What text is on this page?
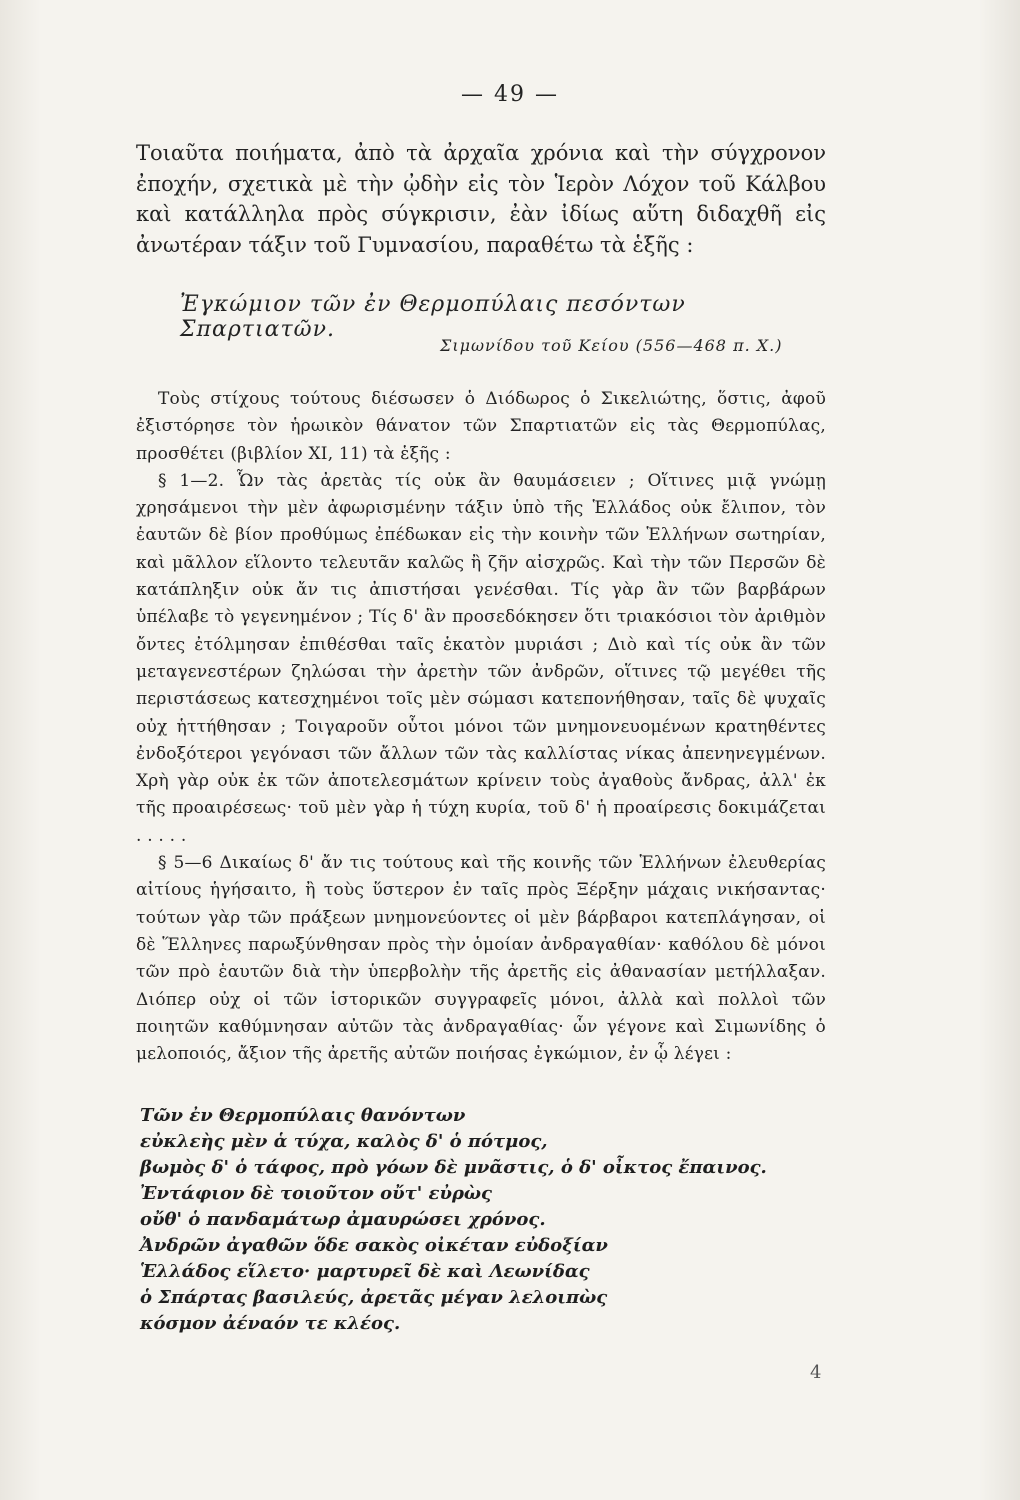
— 49 —

Τοιαῦτα ποιήματα, ἀπὸ τὰ ἀρχαῖα χρόνια καὶ τὴν σύγχρονον ἐποχήν, σχετικὰ μὲ τὴν ᾠδὴν εἰς τὸν Ἱερὸν Λόχον τοῦ Κάλβου καὶ κατάλληλα πρὸς σύγκρισιν, ἐὰν ἰδίως αὕτη διδαχθῆ εἰς ἀνωτέραν τάξιν τοῦ Γυμνασίου, παραθέτω τὰ ἑξῆς :

Ἐγκώμιον τῶν ἐν Θερμοπύλαις πεσόντων Σπαρτιατῶν.
Σιμωνίδου τοῦ Κείου (556—468 π. Χ.)

Τοὺς στίχους τούτους διέσωσεν ὁ Διόδωρος ὁ Σικελιώτης, ὅστις, ἀφοῦ ἐξιστόρησε τὸν ἡρωικὸν θάνατον τῶν Σπαρτιατῶν εἰς τὰς Θερμοπύλας, προσθέτει (βιβλίον XI, 11) τὰ ἑξῆς :

§ 1—2. Ὧν τὰς ἀρετὰς τίς οὐκ ἂν θαυμάσειεν ; Οἵτινες μιᾷ γνώμῃ χρησάμενοι τὴν μὲν ἀφωρισμένην τάξιν ὑπὸ τῆς Ἑλλάδος οὐκ ἔλιπον, τὸν ἑαυτῶν δὲ βίον προθύμως ἐπέδωκαν εἰς τὴν κοινὴν τῶν Ἑλλήνων σωτηρίαν, καὶ μᾶλλον εἵλοντο τελευτᾶν καλῶς ἢ ζῆν αἰσχρῶς. Καὶ τὴν τῶν Περσῶν δὲ κατάπληξιν οὐκ ἄν τις ἀπιστήσαι γενέσθαι. Τίς γὰρ ἂν τῶν βαρβάρων ὑπέλαβε τὸ γεγενημένον ; Τίς δ' ἂν προσεδόκησεν ὅτι τριακόσιοι τὸν ἀριθμὸν ὄντες ἐτόλμησαν ἐπιθέσθαι ταῖς ἑκατὸν μυριάσι ; Διὸ καὶ τίς οὐκ ἂν τῶν μεταγενεστέρων ζηλώσαι τὴν ἀρετὴν τῶν ἀνδρῶν, οἵτινες τῷ μεγέθει τῆς περιστάσεως κατεσχημένοι τοῖς μὲν σώμασι κατεπονήθησαν, ταῖς δὲ ψυχαῖς οὐχ ἡττήθησαν ; Τοιγαροῦν οὗτοι μόνοι τῶν μνημονευομένων κρατηθέντες ἐνδοξότεροι γεγόνασι τῶν ἄλλων τῶν τὰς καλλίστας νίκας ἀπενηνεγμένων. Χρὴ γὰρ οὐκ ἐκ τῶν ἀποτελεσμάτων κρίνειν τοὺς ἀγαθοὺς ἄνδρας, ἀλλ' ἐκ τῆς προαιρέσεως· τοῦ μὲν γὰρ ἡ τύχη κυρία, τοῦ δ' ἡ προαίρεσις δοκιμάζεται . . . . .

§ 5—6 Δικαίως δ' ἄν τις τούτους καὶ τῆς κοινῆς τῶν Ἑλλήνων ἐλευθερίας αἰτίους ἡγήσαιτο, ἢ τοὺς ὕστερον ἐν ταῖς πρὸς Ξέρξην μάχαις νικήσαντας· τούτων γὰρ τῶν πράξεων μνημονεύοντες οἱ μὲν βάρβαροι κατεπλάγησαν, οἱ δὲ Ἕλληνες παρωξύνθησαν πρὸς τὴν ὁμοίαν ἀνδραγαθίαν· καθόλου δὲ μόνοι τῶν πρὸ ἑαυτῶν διὰ τὴν ὑπερβολὴν τῆς ἀρετῆς εἰς ἀθανασίαν μετήλλαξαν. Διόπερ οὐχ οἱ τῶν ἱστορικῶν συγγραφεῖς μόνοι, ἀλλὰ καὶ πολλοὶ τῶν ποιητῶν καθύμνησαν αὐτῶν τὰς ἀνδραγαθίας· ὧν γέγονε καὶ Σιμωνίδης ὁ μελοποιός, ἄξιον τῆς ἀρετῆς αὐτῶν ποιήσας ἐγκώμιον, ἐν ᾧ λέγει :

Τῶν ἐν Θερμοπύλαις θανόντων
εὐκλεὴς μὲν ἁ τύχα, καλὸς δ' ὁ πότμος,
βωμὸς δ' ὁ τάφος, πρὸ γόων δὲ μνᾶστις, ὁ δ' οἶκτος ἔπαινος.
Ἐντάφιον δὲ τοιοῦτον οὔτ' εὐρὼς
οὔθ' ὁ πανδαμάτωρ ἀμαυρώσει χρόνος.
Ἀνδρῶν ἀγαθῶν ὅδε σακὸς οἰκέταν εὐδοξίαν
Ἑλλάδος εἵλετο· μαρτυρεῖ δὲ καὶ Λεωνίδας
ὁ Σπάρτας βασιλεύς, ἀρετᾶς μέγαν λελοιπὼς
κόσμον ἀέναόν τε κλέος.
4
